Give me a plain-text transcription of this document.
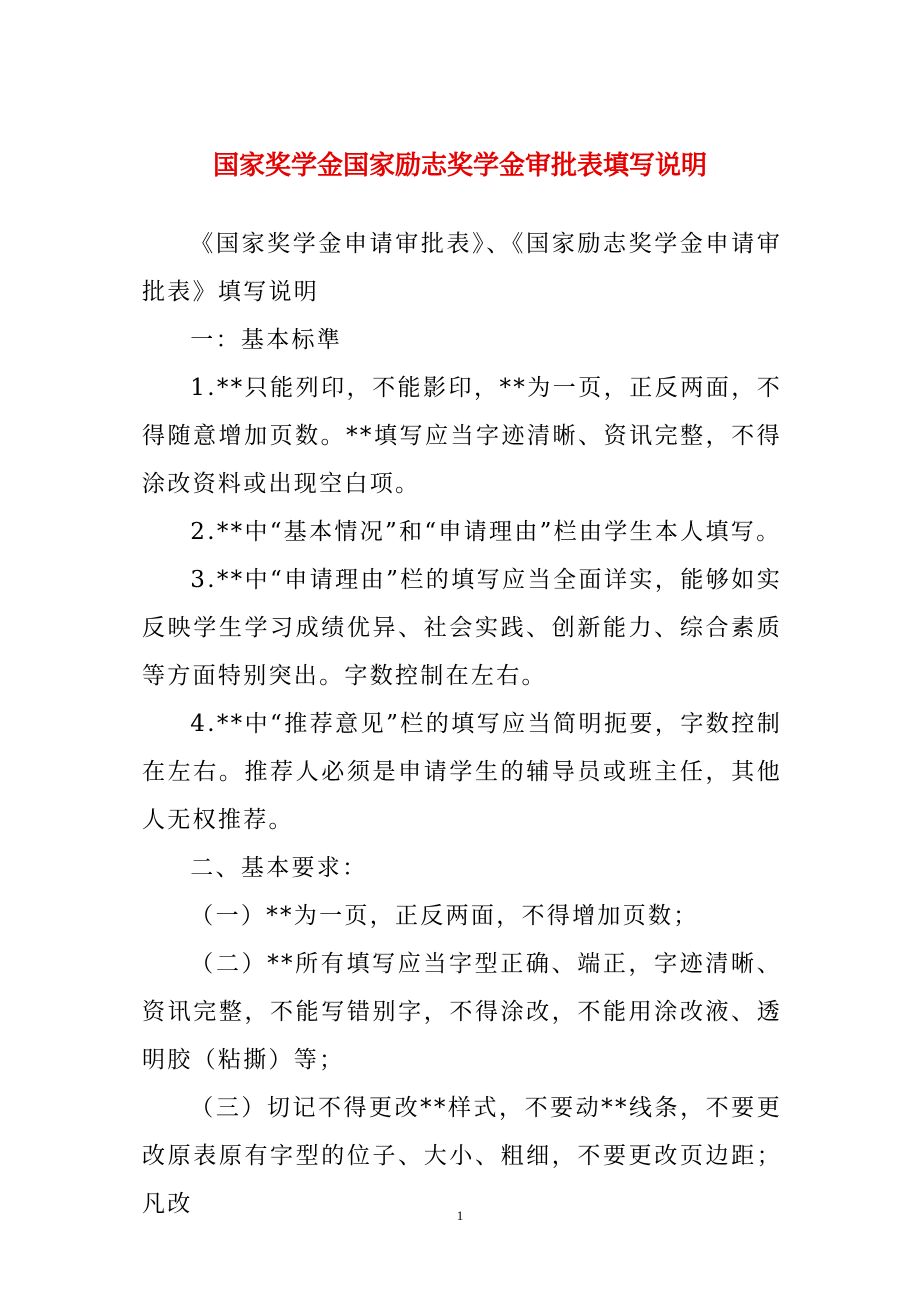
国家奖学金国家励志奖学金审批表填写说明

《国家奖学金申请审批表》、《国家励志奖学金申请审批表》填写说明

一：基本标準

1.**只能列印，不能影印，**为一页，正反两面，不得随意增加页数。**填写应当字迹清晰、资讯完整，不得涂改资料或出现空白项。

2.**中“基本情况”和“申请理由”栏由学生本人填写。

3.**中“申请理由”栏的填写应当全面详实，能够如实反映学生学习成绩优异、社会实践、创新能力、综合素质等方面特别突出。字数控制在左右。

4.**中“推荐意见”栏的填写应当简明扼要，字数控制在左右。推荐人必须是申请学生的辅导员或班主任，其他人无权推荐。

二、基本要求：

（一）**为一页，正反两面，不得增加页数；

（二）**所有填写应当字型正确、端正，字迹清晰、资讯完整，不能写错别字，不得涂改，不能用涂改液、透明胶（粘撕）等；

（三）切记不得更改**样式，不要动**线条，不要更改原表原有字型的位子、大小、粗细，不要更改页边距；凡改	1
